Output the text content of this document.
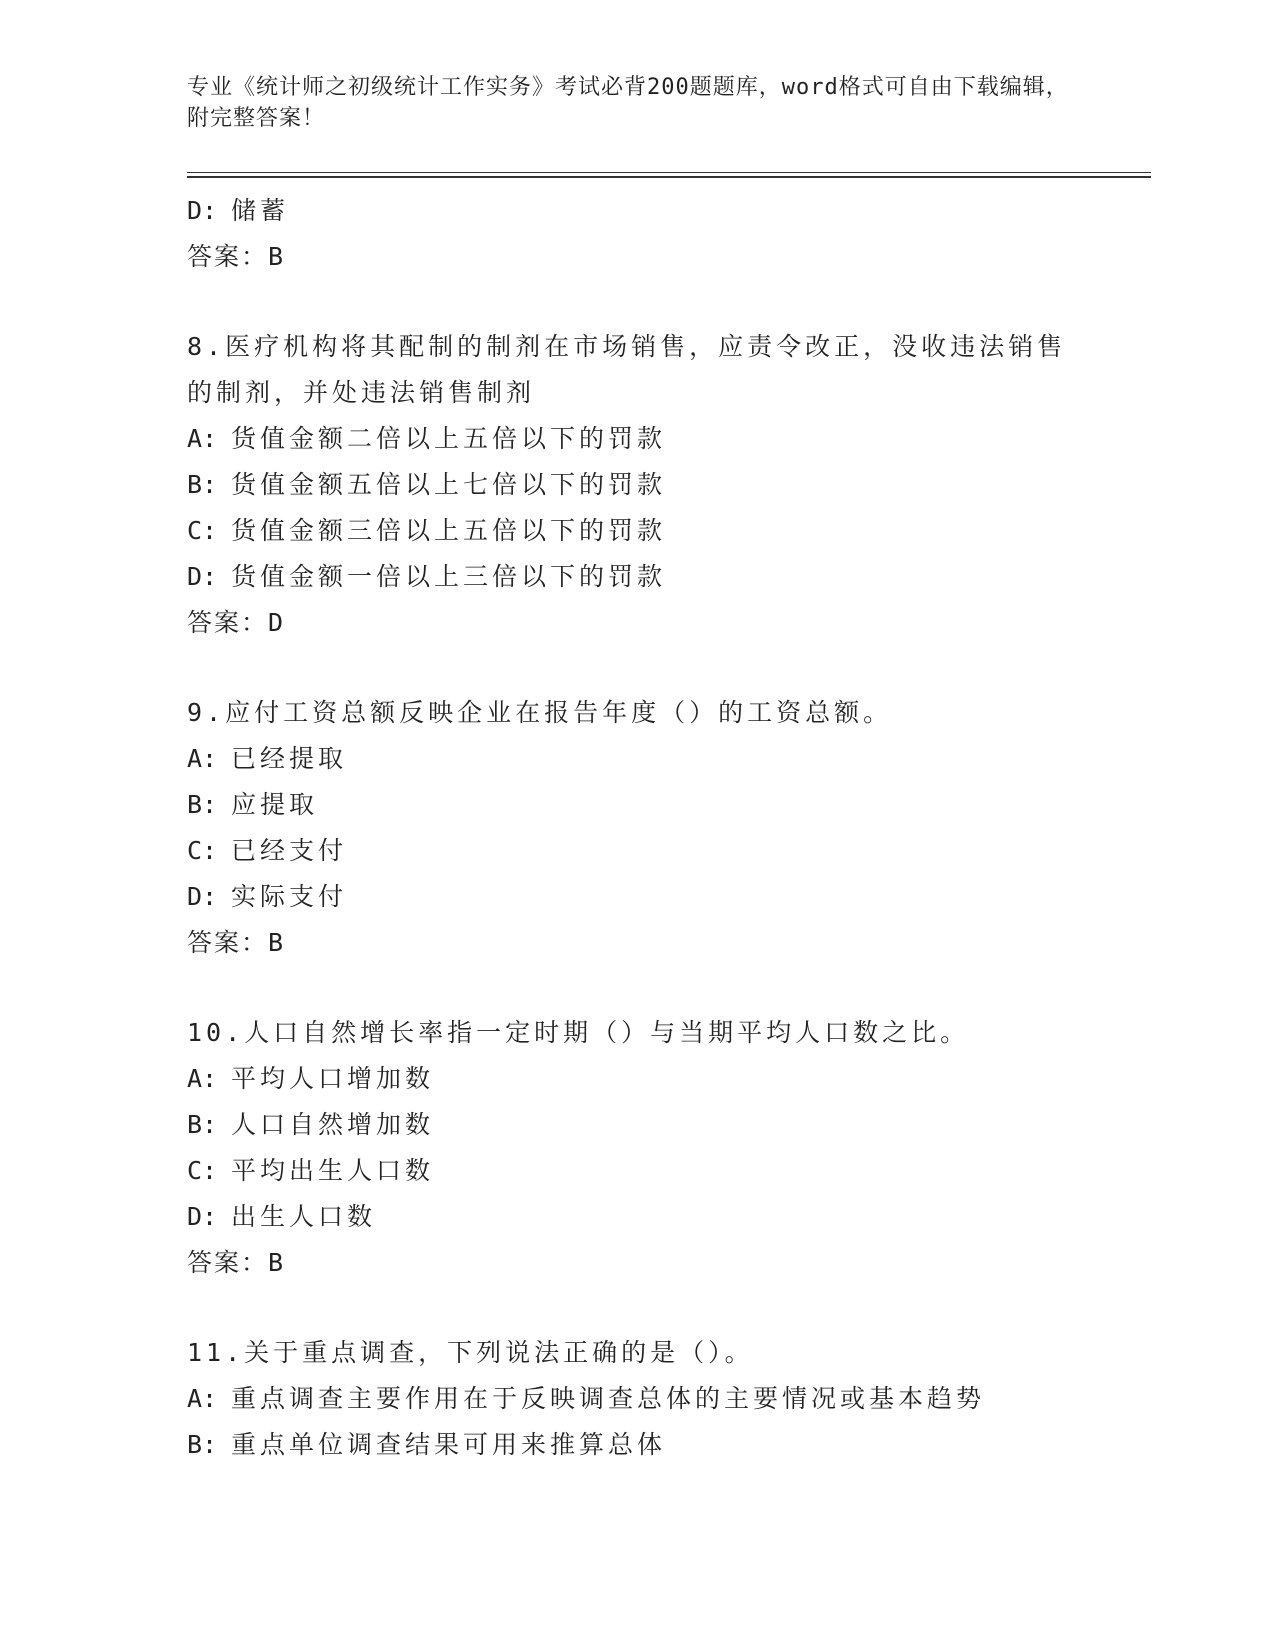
专业《统计师之初级统计工作实务》考试必背200题题库，word格式可自由下载编辑，附完整答案！
D: 储蓄
答案：B
8.医疗机构将其配制的制剂在市场销售，应责令改正，没收违法销售的制剂，并处违法销售制剂
A: 货值金额二倍以上五倍以下的罚款
B: 货值金额五倍以上七倍以下的罚款
C: 货值金额三倍以上五倍以下的罚款
D: 货值金额一倍以上三倍以下的罚款
答案：D
9.应付工资总额反映企业在报告年度（）的工资总额。
A: 已经提取
B: 应提取
C: 已经支付
D: 实际支付
答案：B
10.人口自然增长率指一定时期（）与当期平均人口数之比。
A: 平均人口增加数
B: 人口自然增加数
C: 平均出生人口数
D: 出生人口数
答案：B
11.关于重点调查，下列说法正确的是（）。
A: 重点调查主要作用在于反映调查总体的主要情况或基本趋势
B: 重点单位调查结果可用来推算总体
